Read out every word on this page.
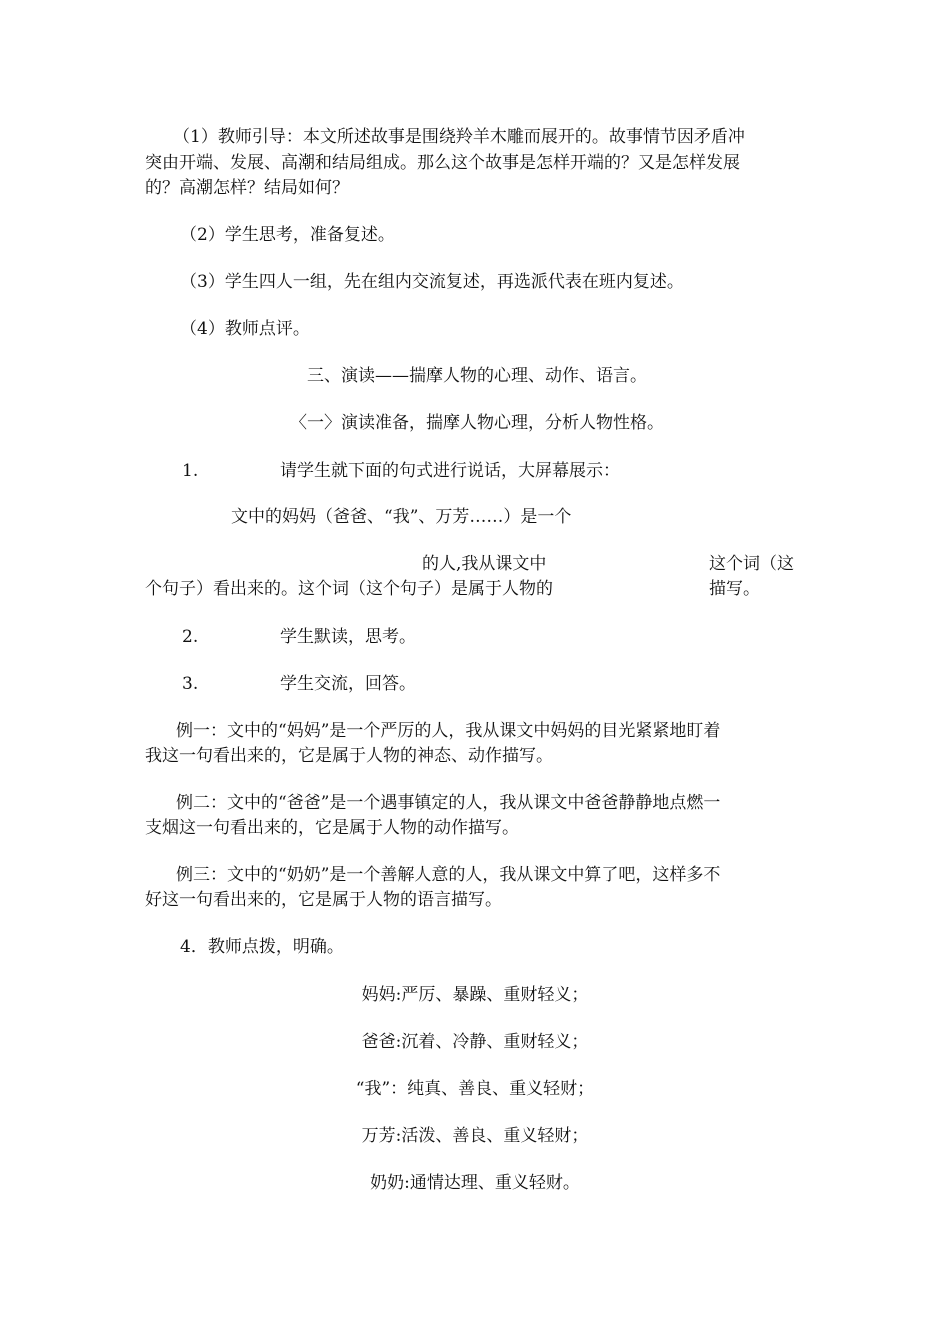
（1）教师引导：本文所述故事是围绕羚羊木雕而展开的。故事情节因矛盾冲
突由开端、发展、高潮和结局组成。那么这个故事是怎样开端的？又是怎样发展
的？高潮怎样？结局如何？
（2）学生思考，准备复述。
（3）学生四人一组，先在组内交流复述，再选派代表在班内复述。
（4）教师点评。
三、演读——揣摩人物的心理、动作、语言。
〈一〉演读准备，揣摩人物心理，分析人物性格。
1.	请学生就下面的句式进行说话，大屏幕展示：
文中的妈妈（爸爸、“我”、万芳……）是一个
的人,我从课文中	这个词（这
个句子）看出来的。这个词（这个句子）是属于人物的	描写。
2.	学生默读，思考。
3.	学生交流，回答。
例一：文中的“妈妈”是一个严厉的人，我从课文中妈妈的目光紧紧地盯着
我这一句看出来的，它是属于人物的神态、动作描写。
例二：文中的“爸爸”是一个遇事镇定的人，我从课文中爸爸静静地点燃一
支烟这一句看出来的，它是属于人物的动作描写。
例三：文中的“奶奶”是一个善解人意的人，我从课文中算了吧，这样多不
好这一句看出来的，它是属于人物的语言描写。
4．教师点拨，明确。
妈妈:严厉、暴躁、重财轻义；
爸爸:沉着、冷静、重财轻义；
“我”：纯真、善良、重义轻财；
万芳:活泼、善良、重义轻财；
奶奶:通情达理、重义轻财。
